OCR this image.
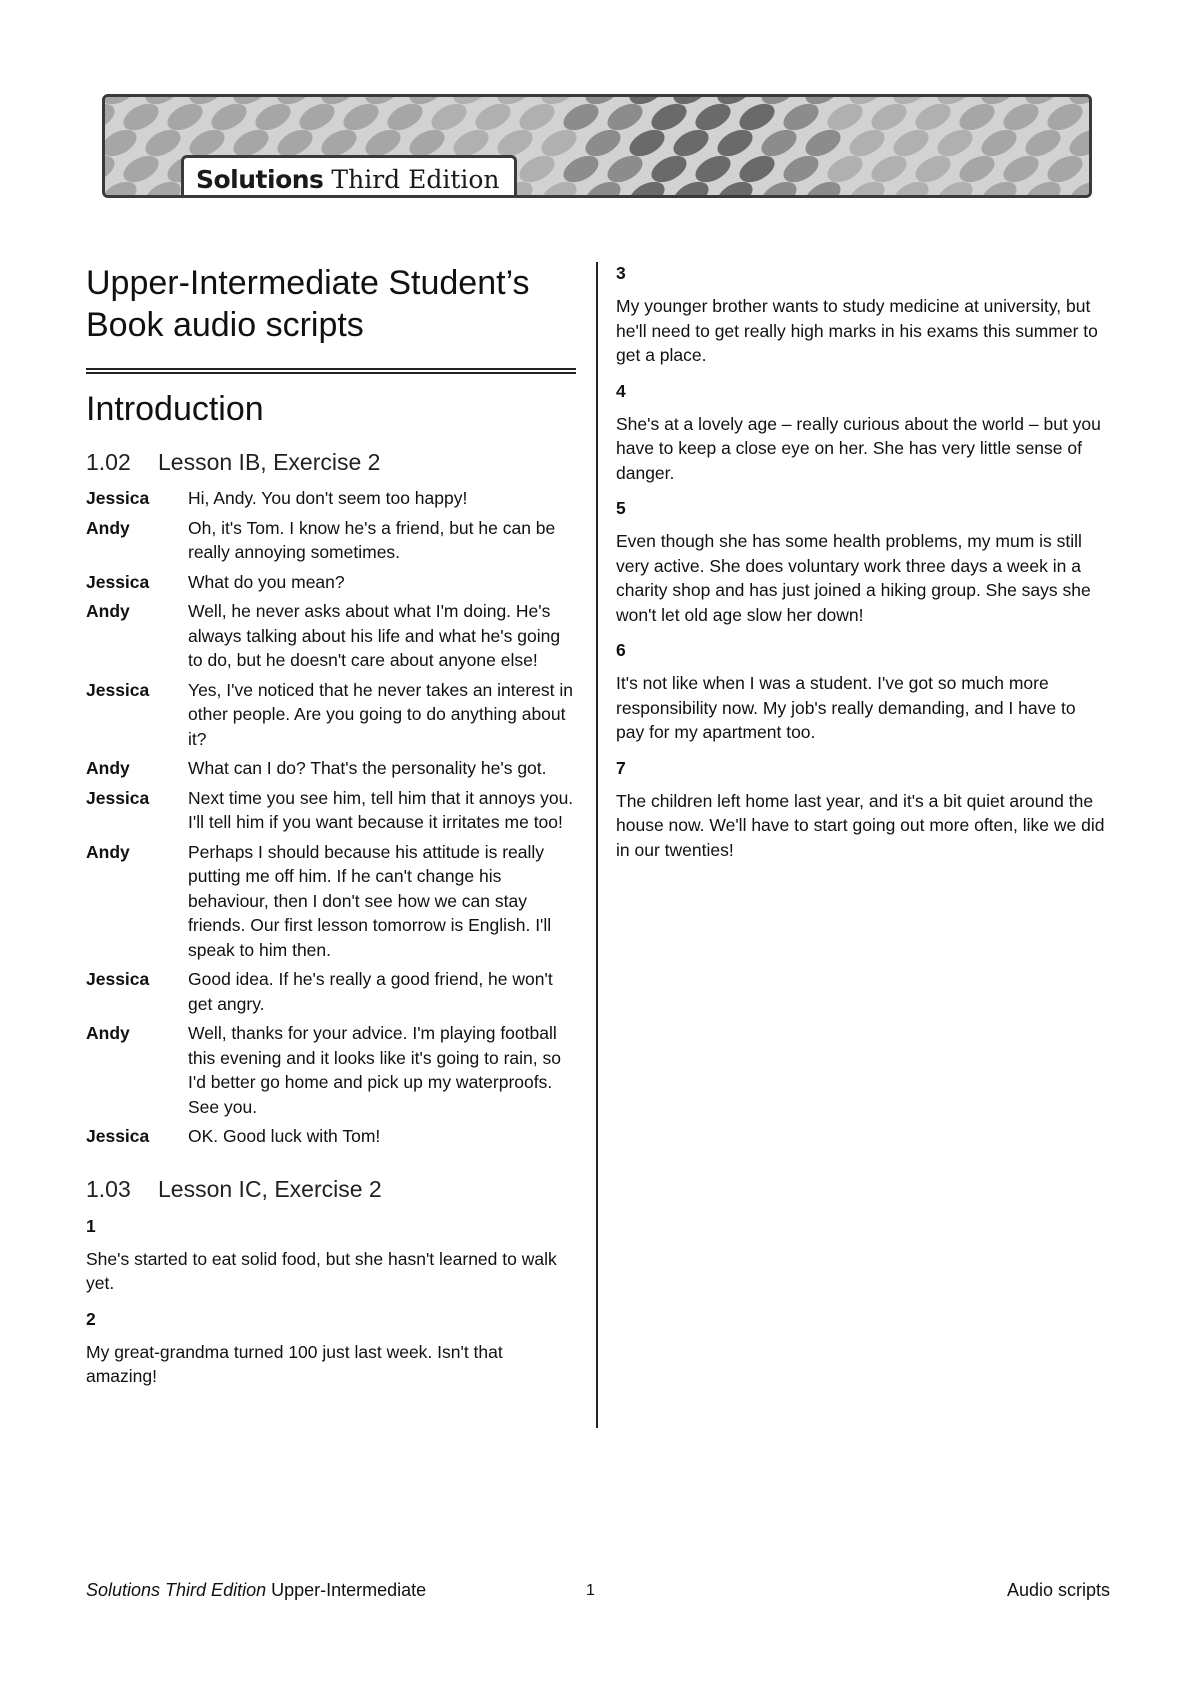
Solutions Third Edition
Upper-Intermediate Student’s Book audio scripts
Introduction
1.02	Lesson IB, Exercise 2
Jessica	Hi, Andy. You don't seem too happy!
Andy	Oh, it's Tom. I know he's a friend, but he can be really annoying sometimes.
Jessica	What do you mean?
Andy	Well, he never asks about what I'm doing. He's always talking about his life and what he's going to do, but he doesn't care about anyone else!
Jessica	Yes, I've noticed that he never takes an interest in other people. Are you going to do anything about it?
Andy	What can I do? That's the personality he's got.
Jessica	Next time you see him, tell him that it annoys you. I'll tell him if you want because it irritates me too!
Andy	Perhaps I should because his attitude is really putting me off him. If he can't change his behaviour, then I don't see how we can stay friends. Our first lesson tomorrow is English. I'll speak to him then.
Jessica	Good idea. If he's really a good friend, he won't get angry.
Andy	Well, thanks for your advice. I'm playing football this evening and it looks like it's going to rain, so I'd better go home and pick up my waterproofs. See you.
Jessica	OK. Good luck with Tom!
1.03	Lesson IC, Exercise 2
1

She's started to eat solid food, but she hasn't learned to walk yet.

2

My great-grandma turned 100 just last week. Isn't that amazing!

3

My younger brother wants to study medicine at university, but he'll need to get really high marks in his exams this summer to get a place.

4

She's at a lovely age – really curious about the world – but you have to keep a close eye on her. She has very little sense of danger.

5

Even though she has some health problems, my mum is still very active. She does voluntary work three days a week in a charity shop and has just joined a hiking group. She says she won't let old age slow her down!

6

It's not like when I was a student. I've got so much more responsibility now. My job's really demanding, and I have to pay for my apartment too.

7

The children left home last year, and it's a bit quiet around the house now. We'll have to start going out more often, like we did in our twenties!

Solutions Third Edition Upper-Intermediate	1	Audio scripts
